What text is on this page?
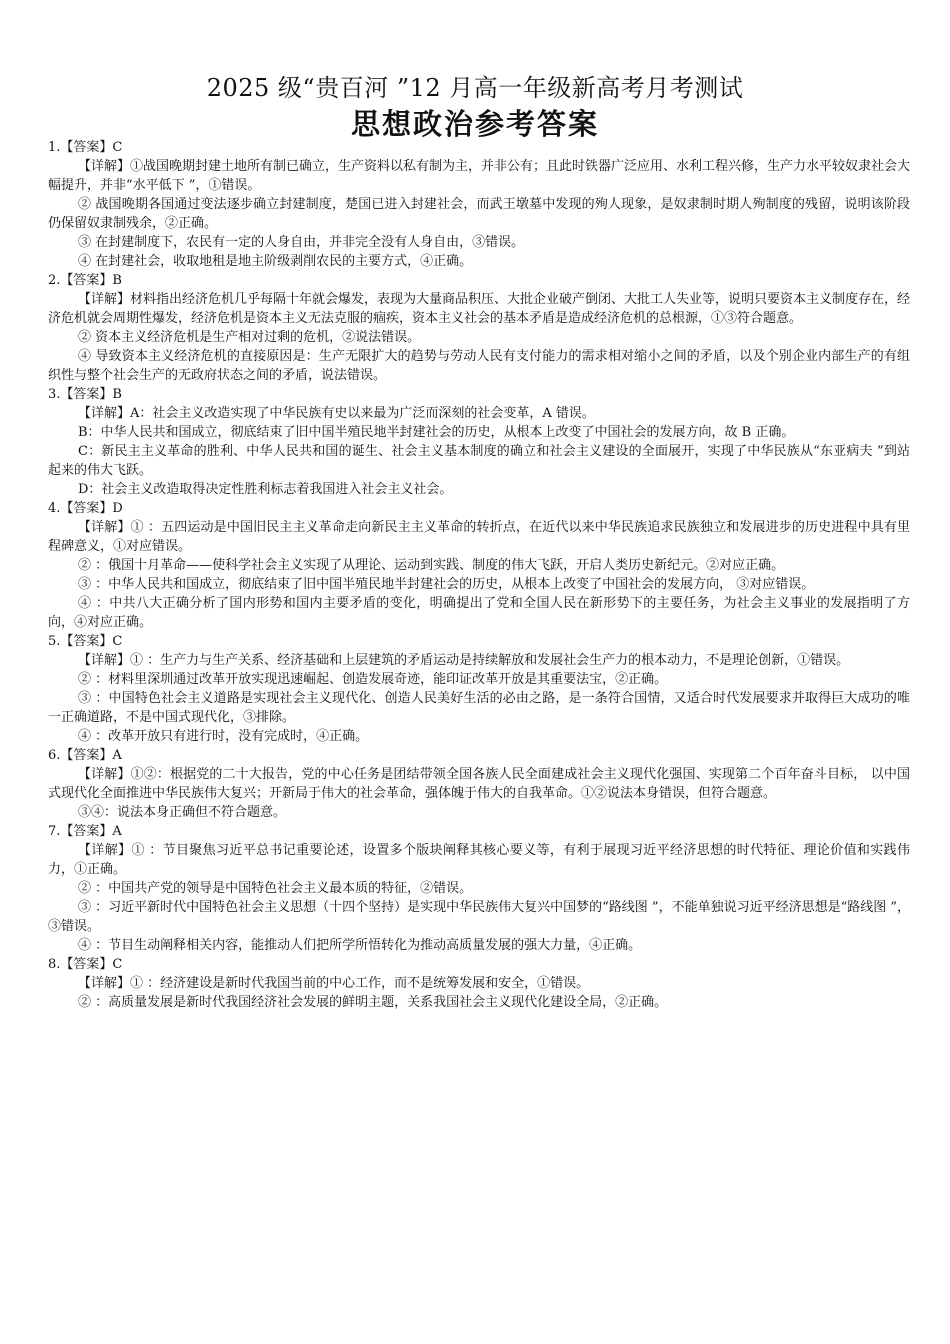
2025 级“贵百河 ”12 月高一年级新高考月考测试
思想政治参考答案

1.【答案】C

【详解】①战国晚期封建土地所有制已确立，生产资料以私有制为主，并非公有；且此时铁器广泛应用、水利工程兴修，生产力水平较奴隶社会大幅提升，并非“水平低下 ”，①错误。

② 战国晚期各国通过变法逐步确立封建制度，楚国已进入封建社会，而武王墩墓中发现的殉人现象，是奴隶制时期人殉制度的残留，说明该阶段仍保留奴隶制残余，②正确。

③ 在封建制度下，农民有一定的人身自由，并非完全没有人身自由，③错误。

④ 在封建社会，收取地租是地主阶级剥削农民的主要方式，④正确。

2.【答案】B

【详解】材料指出经济危机几乎每隔十年就会爆发，表现为大量商品积压、大批企业破产倒闭、大批工人失业等，说明只要资本主义制度存在，经济危机就会周期性爆发，经济危机是资本主义无法克服的痼疾，资本主义社会的基本矛盾是造成经济危机的总根源，①③符合题意。

② 资本主义经济危机是生产相对过剩的危机，②说法错误。

④ 导致资本主义经济危机的直接原因是：生产无限扩大的趋势与劳动人民有支付能力的需求相对缩小之间的矛盾，以及个别企业内部生产的有组织性与整个社会生产的无政府状态之间的矛盾，说法错误。

3.【答案】B

【详解】A：社会主义改造实现了中华民族有史以来最为广泛而深刻的社会变革，A 错误。

B：中华人民共和国成立，彻底结束了旧中国半殖民地半封建社会的历史，从根本上改变了中国社会的发展方向，故 B 正确。

C：新民主主义革命的胜利、中华人民共和国的诞生、社会主义基本制度的确立和社会主义建设的全面展开，实现了中华民族从“东亚病夫 ”到站起来的伟大飞跃。

D：社会主义改造取得决定性胜利标志着我国进入社会主义社会。

4.【答案】D

【详解】① ：五四运动是中国旧民主主义革命走向新民主主义革命的转折点，在近代以来中华民族追求民族独立和发展进步的历史进程中具有里程碑意义，①对应错误。

② ：俄国十月革命——使科学社会主义实现了从理论、运动到实践、制度的伟大飞跃，开启人类历史新纪元。②对应正确。

③ ：中华人民共和国成立，彻底结束了旧中国半殖民地半封建社会的历史，从根本上改变了中国社会的发展方向， ③对应错误。

④ ：中共八大正确分析了国内形势和国内主要矛盾的变化，明确提出了党和全国人民在新形势下的主要任务，为社会主义事业的发展指明了方向，④对应正确。

5.【答案】C

【详解】① ：生产力与生产关系、经济基础和上层建筑的矛盾运动是持续解放和发展社会生产力的根本动力，不是理论创新，①错误。

② ：材料里深圳通过改革开放实现迅速崛起、创造发展奇迹，能印证改革开放是其重要法宝，②正确。

③ ：中国特色社会主义道路是实现社会主义现代化、创造人民美好生活的必由之路，是一条符合国情，又适合时代发展要求并取得巨大成功的唯一正确道路，不是中国式现代化，③排除。

④ ：改革开放只有进行时，没有完成时，④正确。

6.【答案】A

【详解】①②：根据党的二十大报告，党的中心任务是团结带领全国各族人民全面建成社会主义现代化强国、实现第二个百年奋斗目标， 以中国式现代化全面推进中华民族伟大复兴；开新局于伟大的社会革命，强体魄于伟大的自我革命。①②说法本身错误，但符合题意。

③④：说法本身正确但不符合题意。

7.【答案】A

【详解】① ：节目聚焦习近平总书记重要论述，设置多个版块阐释其核心要义等，有利于展现习近平经济思想的时代特征、理论价值和实践伟力，①正确。

② ：中国共产党的领导是中国特色社会主义最本质的特征，②错误。

③ ：习近平新时代中国特色社会主义思想（十四个坚持）是实现中华民族伟大复兴中国梦的“路线图 ”，不能单独说习近平经济思想是“路线图 ”，③错误。

④ ：节目生动阐释相关内容，能推动人们把所学所悟转化为推动高质量发展的强大力量，④正确。

8.【答案】C

【详解】① ：经济建设是新时代我国当前的中心工作，而不是统筹发展和安全，①错误。

② ：高质量发展是新时代我国经济社会发展的鲜明主题，关系我国社会主义现代化建设全局，②正确。
